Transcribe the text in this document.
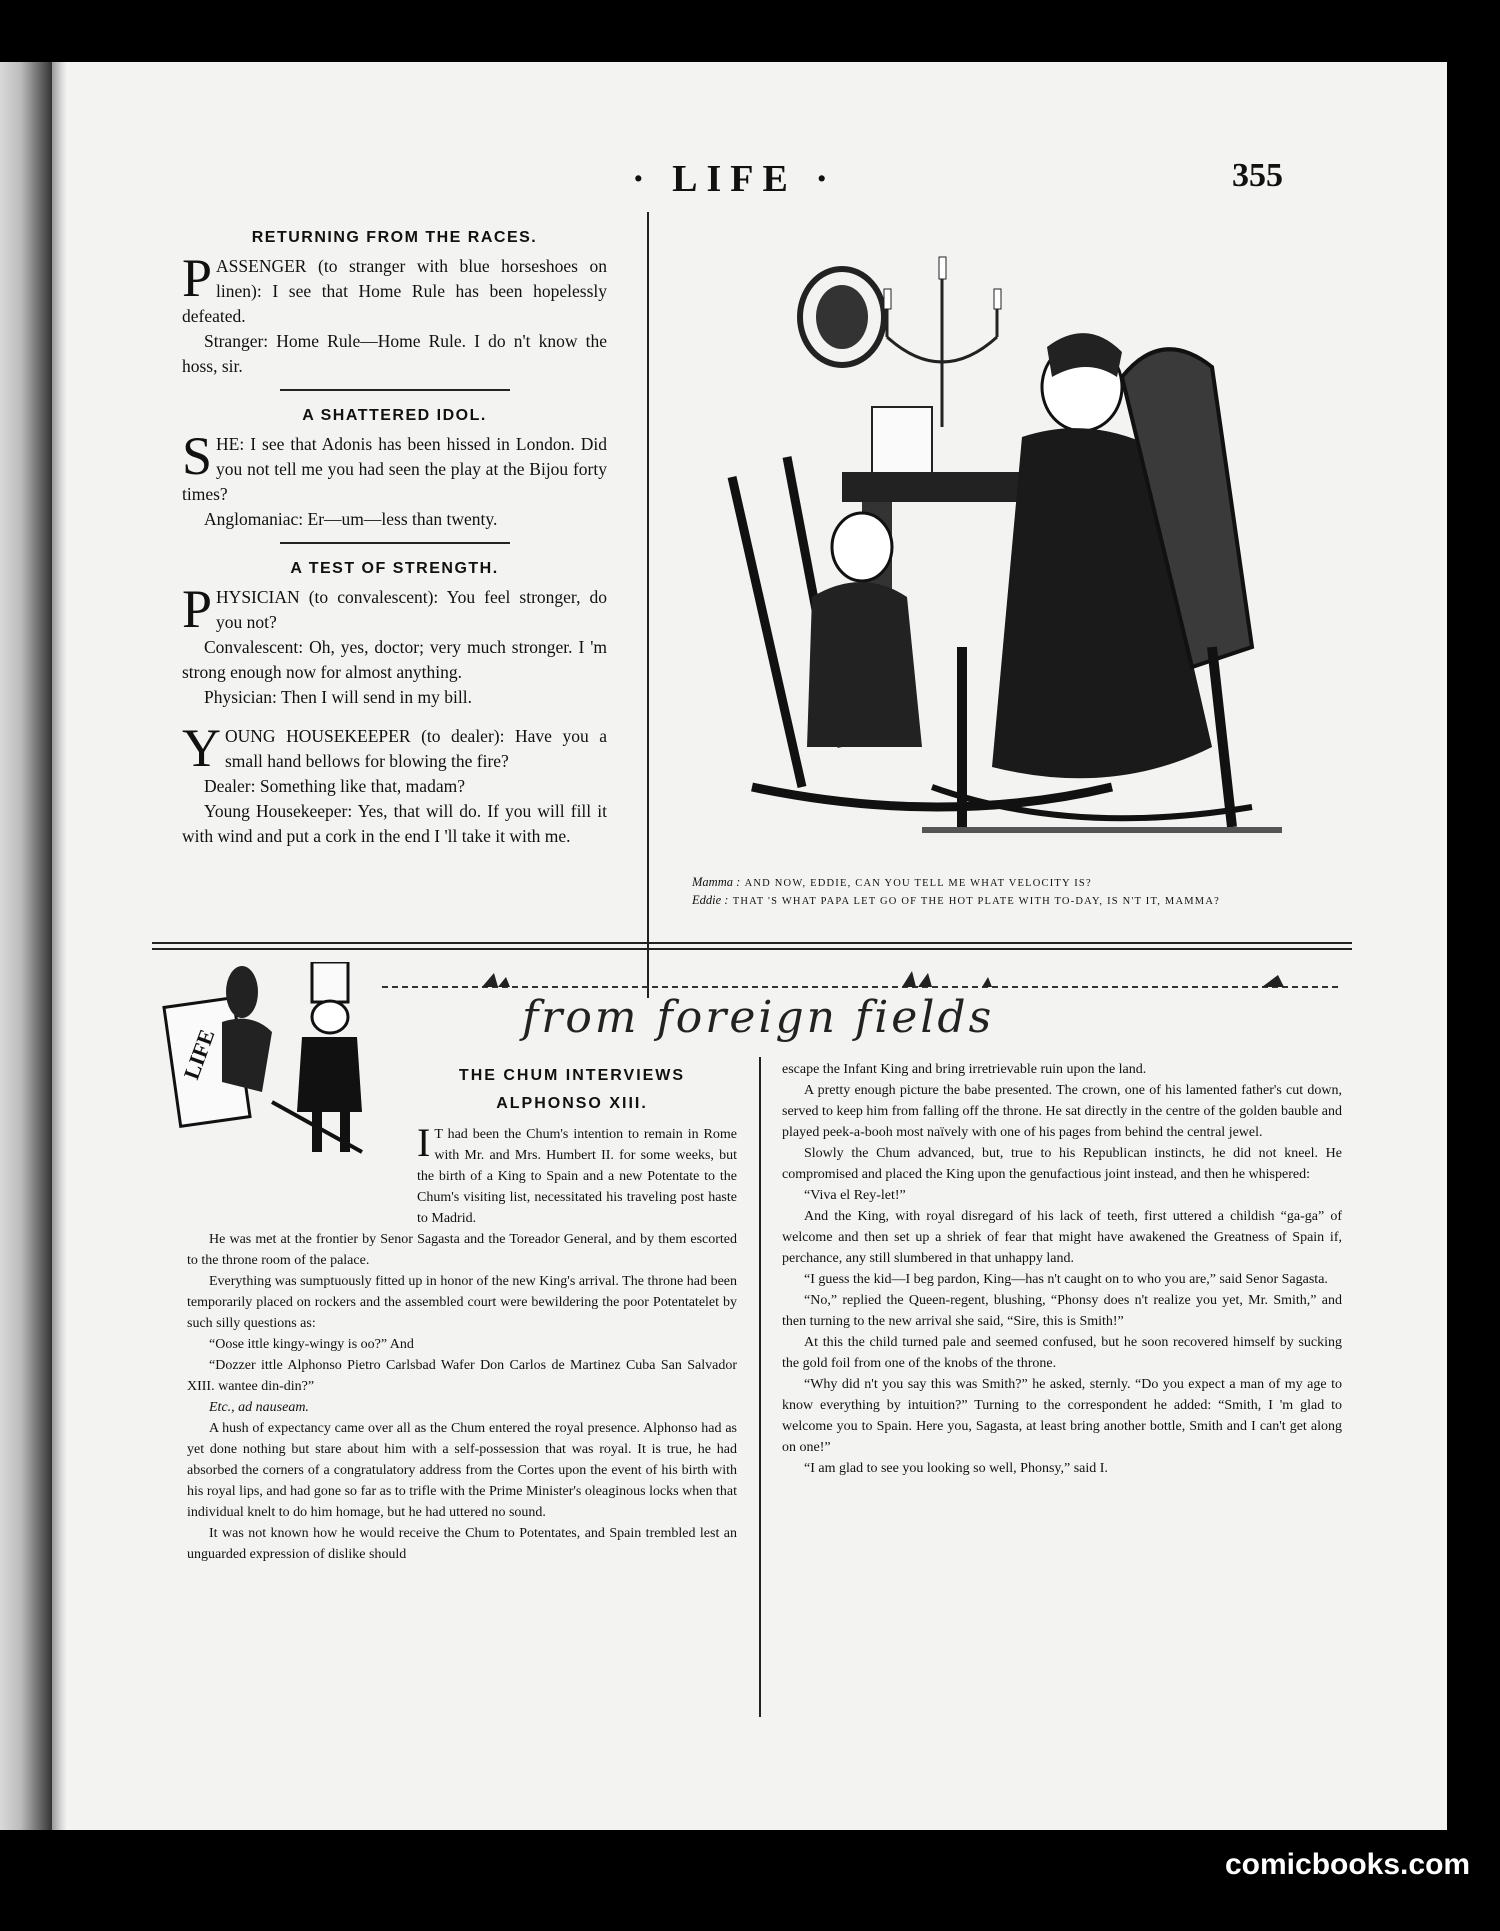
· LIFE ·	355
RETURNING FROM THE RACES.

PASSENGER (to stranger with blue horseshoes on linen): I see that Home Rule has been hopelessly defeated.

Stranger: Home Rule—Home Rule. I do n't know the hoss, sir.

A SHATTERED IDOL.

SHE: I see that Adonis has been hissed in London. Did you not tell me you had seen the play at the Bijou forty times?

Anglomaniac: Er—um—less than twenty.

A TEST OF STRENGTH.

PHYSICIAN (to convalescent): You feel stronger, do you not?

Convalescent: Oh, yes, doctor; very much stronger. I 'm strong enough now for almost anything.

Physician: Then I will send in my bill.

YOUNG HOUSEKEEPER (to dealer): Have you a small hand bellows for blowing the fire?

Dealer: Something like that, madam?

Young Housekeeper: Yes, that will do. If you will fill it with wind and put a cork in the end I 'll take it with me.

Mamma : AND NOW, EDDIE, CAN YOU TELL ME WHAT VELOCITY IS?
Eddie : THAT 'S WHAT PAPA LET GO OF THE HOT PLATE WITH TO-DAY, IS N'T IT, MAMMA?
from foreign fields
LIFE	THE CHUM INTERVIEWS
ALPHONSO XIII.

I T had been the Chum's intention to remain in Rome with Mr. and Mrs. Humbert II. for some weeks, but the birth of a King to Spain and a new Potentate to the Chum's visiting list, necessitated his traveling post haste to Madrid.

He was met at the frontier by Senor Sagasta and the Toreador General, and by them escorted to the throne room of the palace.

Everything was sumptuously fitted up in honor of the new King's arrival. The throne had been temporarily placed on rockers and the assembled court were bewildering the poor Potentatelet by such silly questions as:

“Oose ittle kingy-wingy is oo?” And

“Dozzer ittle Alphonso Pietro Carlsbad Wafer Don Carlos de Martinez Cuba San Salvador XIII. wantee din-din?”

Etc., ad nauseam.

A hush of expectancy came over all as the Chum entered the royal presence. Alphonso had as yet done nothing but stare about him with a self-possession that was royal. It is true, he had absorbed the corners of a congratulatory address from the Cortes upon the event of his birth with his royal lips, and had gone so far as to trifle with the Prime Minister's oleaginous locks when that individual knelt to do him homage, but he had uttered no sound.

It was not known how he would receive the Chum to Potentates, and Spain trembled lest an unguarded expression of dislike should

escape the Infant King and bring irretrievable ruin upon the land.

A pretty enough picture the babe presented. The crown, one of his lamented father's cut down, served to keep him from falling off the throne. He sat directly in the centre of the golden bauble and played peek-a-booh most naïvely with one of his pages from behind the central jewel.

Slowly the Chum advanced, but, true to his Republican instincts, he did not kneel. He compromised and placed the King upon the genufactious joint instead, and then he whispered:

“Viva el Rey-let!”

And the King, with royal disregard of his lack of teeth, first uttered a childish “ga-ga” of welcome and then set up a shriek of fear that might have awakened the Greatness of Spain if, perchance, any still slumbered in that unhappy land.

“I guess the kid—I beg pardon, King—has n't caught on to who you are,” said Senor Sagasta.

“No,” replied the Queen-regent, blushing, “Phonsy does n't realize you yet, Mr. Smith,” and then turning to the new arrival she said, “Sire, this is Smith!”

At this the child turned pale and seemed confused, but he soon recovered himself by sucking the gold foil from one of the knobs of the throne.

“Why did n't you say this was Smith?” he asked, sternly. “Do you expect a man of my age to know everything by intuition?” Turning to the correspondent he added: “Smith, I 'm glad to welcome you to Spain. Here you, Sagasta, at least bring another bottle, Smith and I can't get along on one!”

“I am glad to see you looking so well, Phonsy,” said I.

comicbooks.com
